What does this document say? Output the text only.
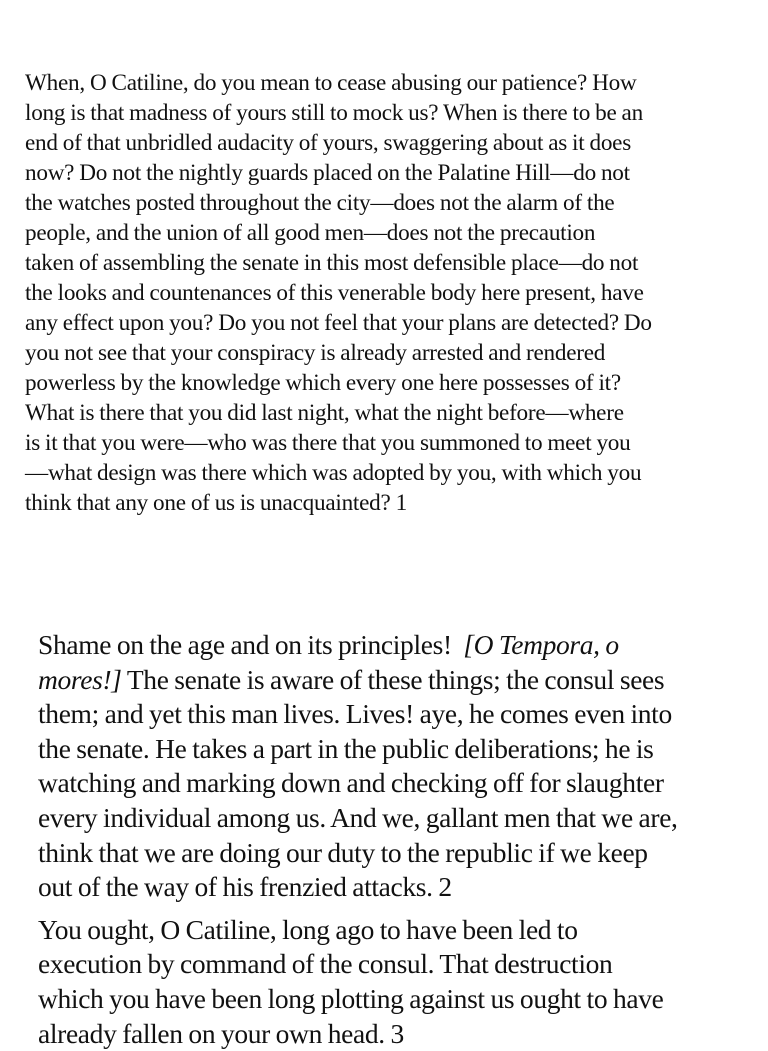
When, O Catiline, do you mean to cease abusing our patience? How
long is that madness of yours still to mock us? When is there to be an
end of that unbridled audacity of yours, swaggering about as it does
now? Do not the nightly guards placed on the Palatine Hill—do not
the watches posted throughout the city—does not the alarm of the
people, and the union of all good men—does not the precaution
taken of assembling the senate in this most defensible place—do not
the looks and countenances of this venerable body here present, have
any effect upon you? Do you not feel that your plans are detected? Do
you not see that your conspiracy is already arrested and rendered
powerless by the knowledge which every one here possesses of it?
What is there that you did last night, what the night before—where
is it that you were—who was there that you summoned to meet you
—what design was there which was adopted by you, with which you
think that any one of us is unacquainted? 1

Shame on the age and on its principles! [O Tempora, o
mores!] The senate is aware of these things; the consul sees
them; and yet this man lives. Lives! aye, he comes even into
the senate. He takes a part in the public deliberations; he is
watching and marking down and checking off for slaughter
every individual among us. And we, gallant men that we are,
think that we are doing our duty to the republic if we keep
out of the way of his frenzied attacks. 2

You ought, O Catiline, long ago to have been led to
execution by command of the consul. That destruction
which you have been long plotting against us ought to have
already fallen on your own head. 3
